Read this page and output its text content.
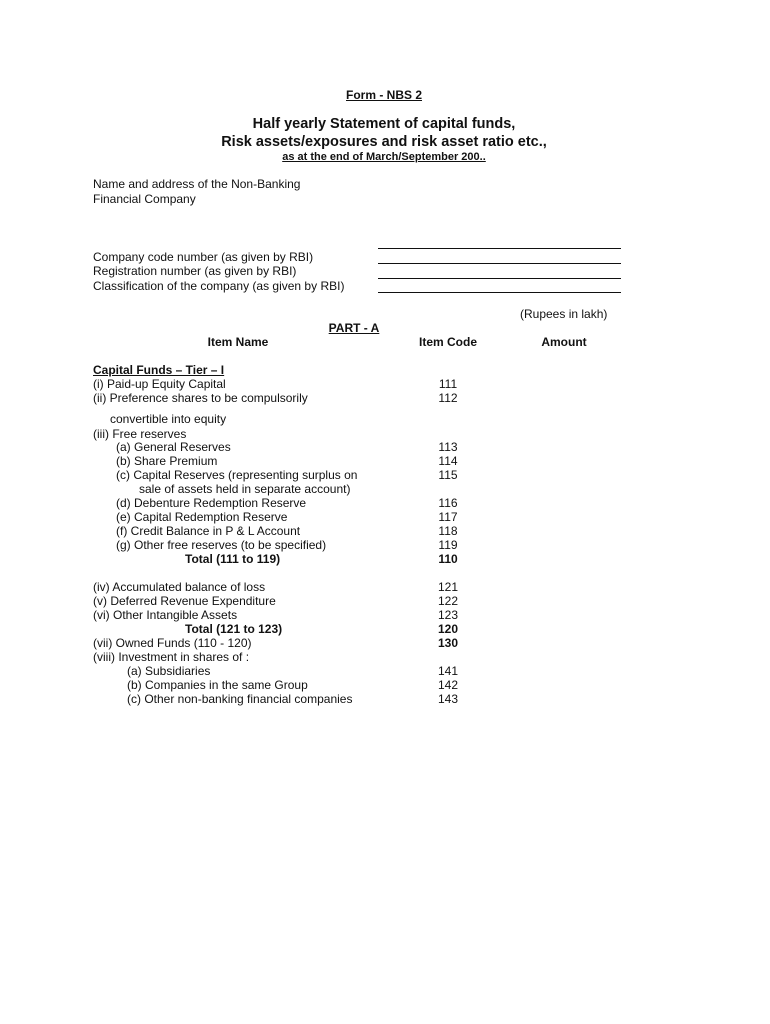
Form - NBS 2
Half yearly Statement of capital funds,
Risk assets/exposures and risk asset ratio etc.,
as at the end of March/September 200..
Name and address of the Non-Banking
Financial Company
Company code number (as given by RBI)
Registration number (as given by RBI)
Classification of the company (as given by RBI)
(Rupees in lakh)
PART - A
Item Name	Item Code	Amount
Capital Funds – Tier – I
(i) Paid-up Equity Capital	111
(ii) Preference shares to be compulsorily	112
convertible into equity
(iii) Free reserves
(a) General Reserves	113
(b) Share Premium	114
(c) Capital Reserves (representing surplus on	115
sale of assets held in separate account)
(d) Debenture Redemption Reserve	116
(e) Capital Redemption Reserve	117
(f) Credit Balance in P & L Account	118
(g) Other free reserves (to be specified)	119
Total (111 to 119)	110
(iv) Accumulated balance of loss	121
(v) Deferred Revenue Expenditure	122
(vi) Other Intangible Assets	123
Total (121 to 123)	120
(vii) Owned Funds (110 - 120)	130
(viii) Investment in shares of :
(a) Subsidiaries	141
(b) Companies in the same Group	142
(c) Other non-banking financial companies	143
